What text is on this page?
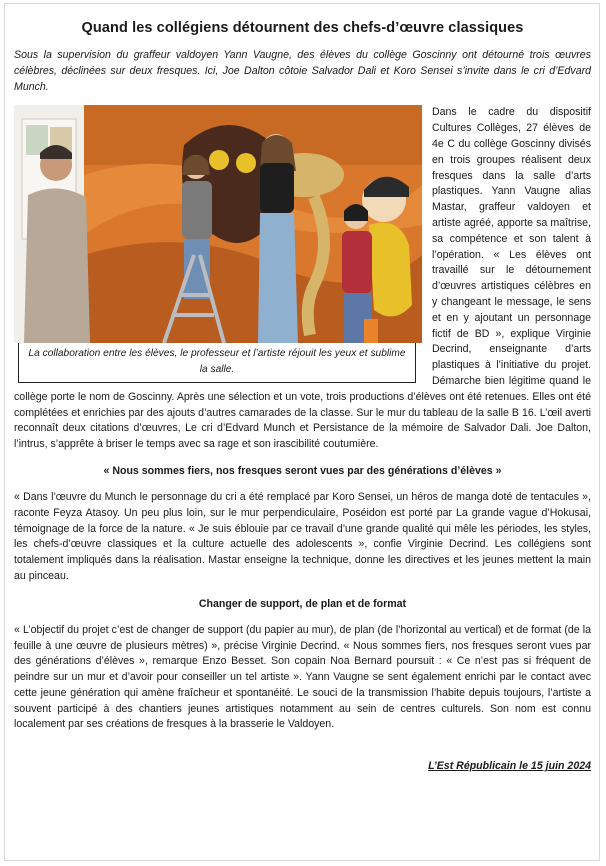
Quand les collégiens détournent des chefs-d’œuvre classiques

Sous la supervision du graffeur valdoyen Yann Vaugne, des élèves du collège Goscinny ont détourné trois œuvres célèbres, déclinées sur deux fresques. Ici, Joe Dalton côtoie Salvador Dali et Koro Sensei s’invite dans le cri d’Edvard Munch.

La collaboration entre les élèves, le professeur et l’artiste réjouit les yeux et sublime la salle.

Dans le cadre du dispositif Cultures Collèges, 27 élèves de 4e C du collège Goscinny divisés en trois groupes réalisent deux fresques dans la salle d’arts plastiques. Yann Vaugne alias Mastar, graffeur valdoyen et artiste agréé, apporte sa maîtrise, sa compétence et son talent à l’opération. « Les élèves ont travaillé sur le détournement d’œuvres artistiques célèbres en y changeant le message, le sens et en y ajoutant un personnage fictif de BD », explique Virginie Decrind, enseignante d’arts plastiques à l’initiative du projet. Démarche bien légitime quand le collège porte le nom de Goscinny. Après une sélection et un vote, trois productions d’élèves ont été retenues. Elles ont été complétées et enrichies par des ajouts d’autres camarades de la classe. Sur le mur du tableau de la salle B 16. L’œil averti reconnaît deux citations d’œuvres, Le cri d’Edvard Munch et Persistance de la mémoire de Salvador Dali. Joe Dalton, l’intrus, s’apprête à briser le temps avec sa rage et son irascibilité coutumière.

« Nous sommes fiers, nos fresques seront vues par des générations d’élèves »

« Dans l’œuvre du Munch le personnage du cri a été remplacé par Koro Sensei, un héros de manga doté de tentacules », raconte Feyza Atasoy. Un peu plus loin, sur le mur perpendiculaire, Poséidon est porté par La grande vague d’Hokusai, témoignage de la force de la nature. « Je suis éblouie par ce travail d’une grande qualité qui mêle les périodes, les styles, les chefs-d’œuvre classiques et la culture actuelle des adolescents », confie Virginie Decrind. Les collégiens sont totalement impliqués dans la réalisation. Mastar enseigne la technique, donne les directives et les jeunes mettent la main au pinceau.

Changer de support, de plan et de format

« L’objectif du projet c’est de changer de support (du papier au mur), de plan (de l’horizontal au vertical) et de format (de la feuille à une œuvre de plusieurs mètres) », précise Virginie Decrind. « Nous sommes fiers, nos fresques seront vues par des générations d’élèves », remarque Enzo Besset. Son copain Noa Bernard poursuit : « Ce n’est pas si fréquent de peindre sur un mur et d’avoir pour conseiller un tel artiste ». Yann Vaugne se sent également enrichi par le contact avec cette jeune génération qui amène fraîcheur et spontanéité. Le souci de la transmission l’habite depuis toujours, l’artiste a souvent participé à des chantiers jeunes artistiques notamment au sein de centres culturels. Son nom est connu localement par ses créations de fresques à la brasserie le Valdoyen.

L’Est Républicain le 15 juin 2024
